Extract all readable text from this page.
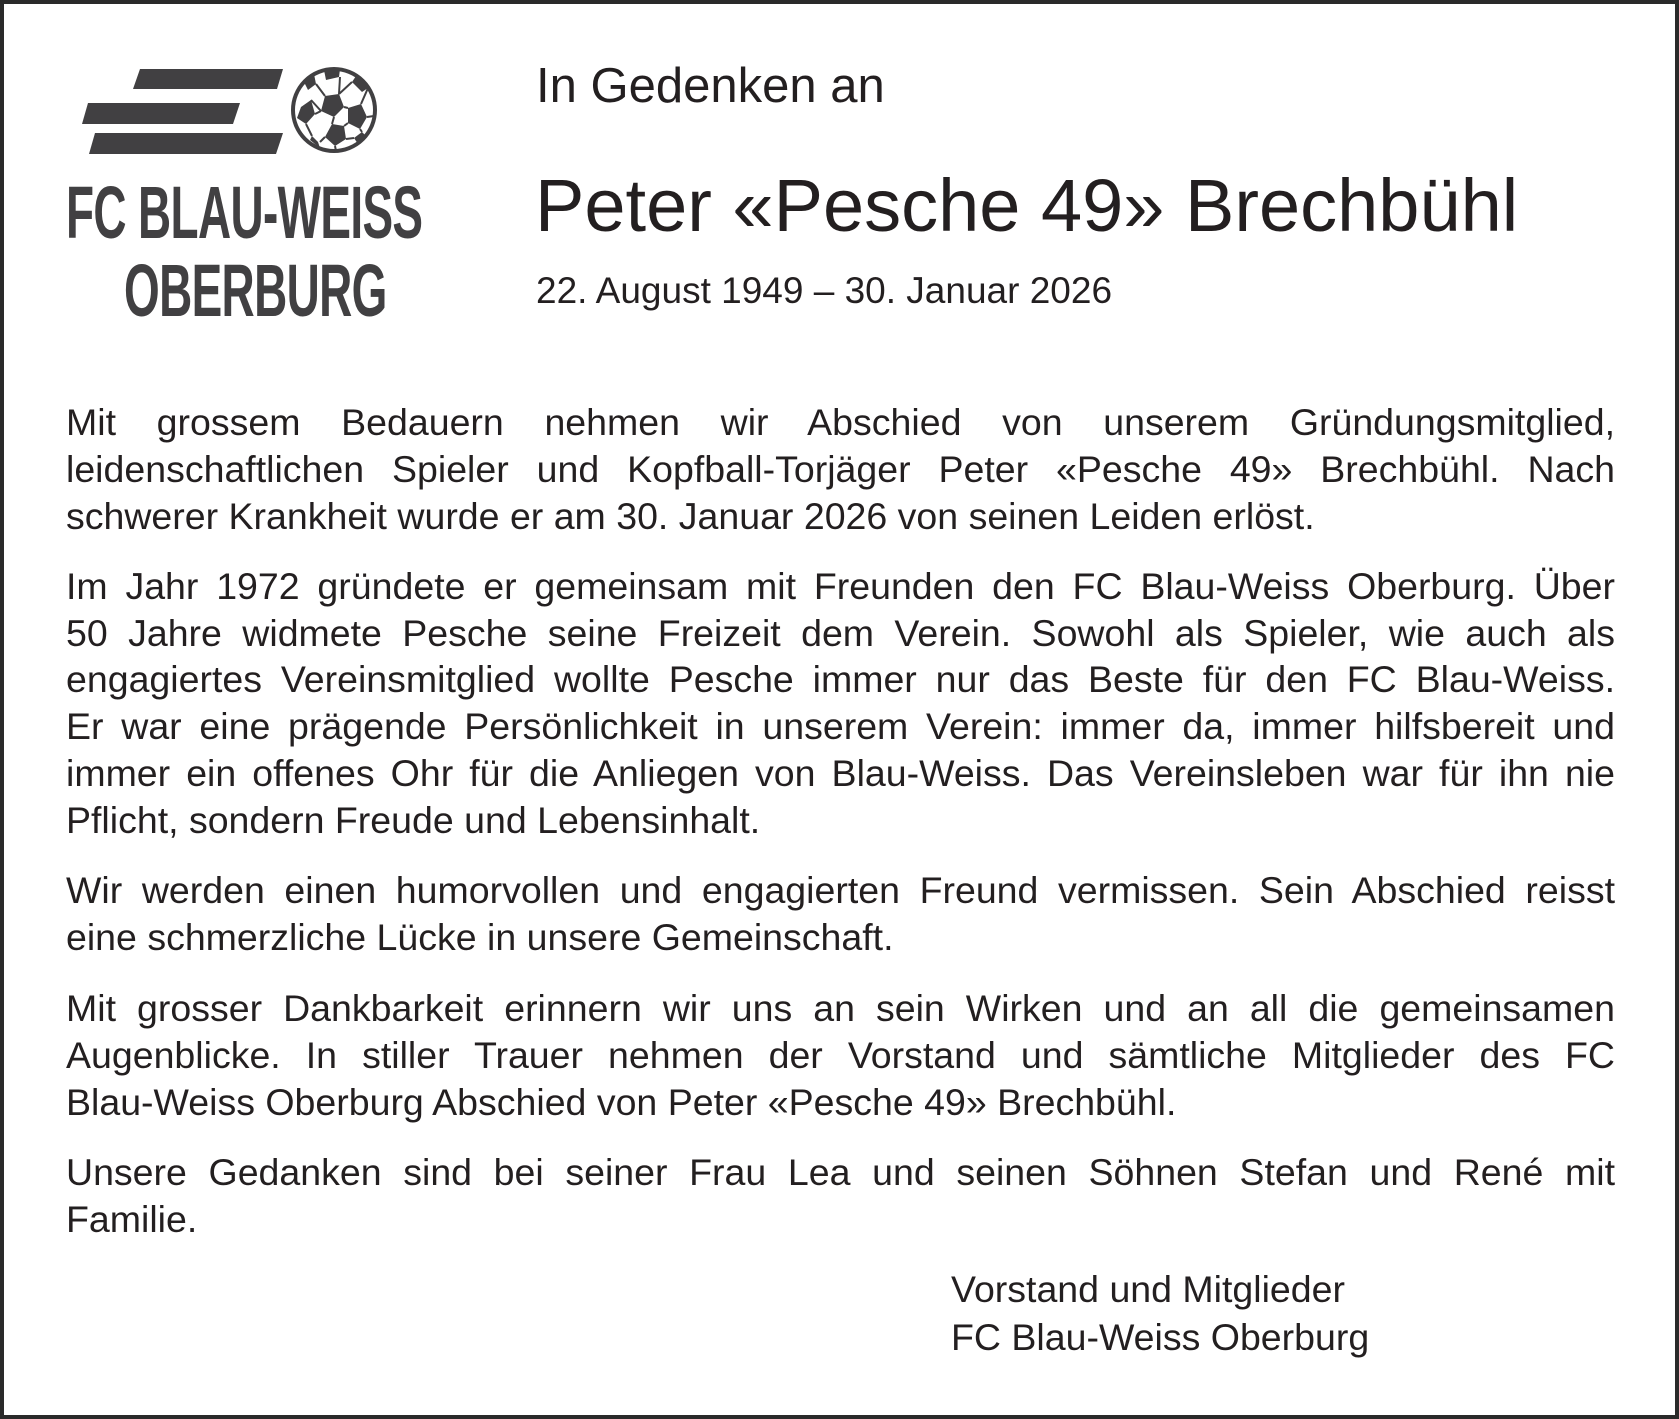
FC BLAU-WEISS
OBERBURG
In Gedenken an
Peter «Pesche 49» Brechbühl
22. August 1949 – 30. Januar 2026
Mit grossem Bedauern nehmen wir Abschied von unserem Gründungsmitglied,
leidenschaftlichen Spieler und Kopfball-Torjäger Peter «Pesche 49» Brechbühl. Nach
schwerer Krankheit wurde er am 30. Januar 2026 von seinen Leiden erlöst.
Im Jahr 1972 gründete er gemeinsam mit Freunden den FC Blau-Weiss Oberburg. Über
50 Jahre widmete Pesche seine Freizeit dem Verein. Sowohl als Spieler, wie auch als
engagiertes Vereinsmitglied wollte Pesche immer nur das Beste für den FC Blau-Weiss.
Er war eine prägende Persönlichkeit in unserem Verein: immer da, immer hilfsbereit und
immer ein offenes Ohr für die Anliegen von Blau-Weiss. Das Vereinsleben war für ihn nie
Pflicht, sondern Freude und Lebensinhalt.
Wir werden einen humorvollen und engagierten Freund vermissen. Sein Abschied reisst
eine schmerzliche Lücke in unsere Gemeinschaft.
Mit grosser Dankbarkeit erinnern wir uns an sein Wirken und an all die gemeinsamen
Augenblicke. In stiller Trauer nehmen der Vorstand und sämtliche Mitglieder des FC
Blau-Weiss Oberburg Abschied von Peter «Pesche 49» Brechbühl.
Unsere Gedanken sind bei seiner Frau Lea und seinen Söhnen Stefan und René mit
Familie.
Vorstand und Mitglieder
FC Blau-Weiss Oberburg
